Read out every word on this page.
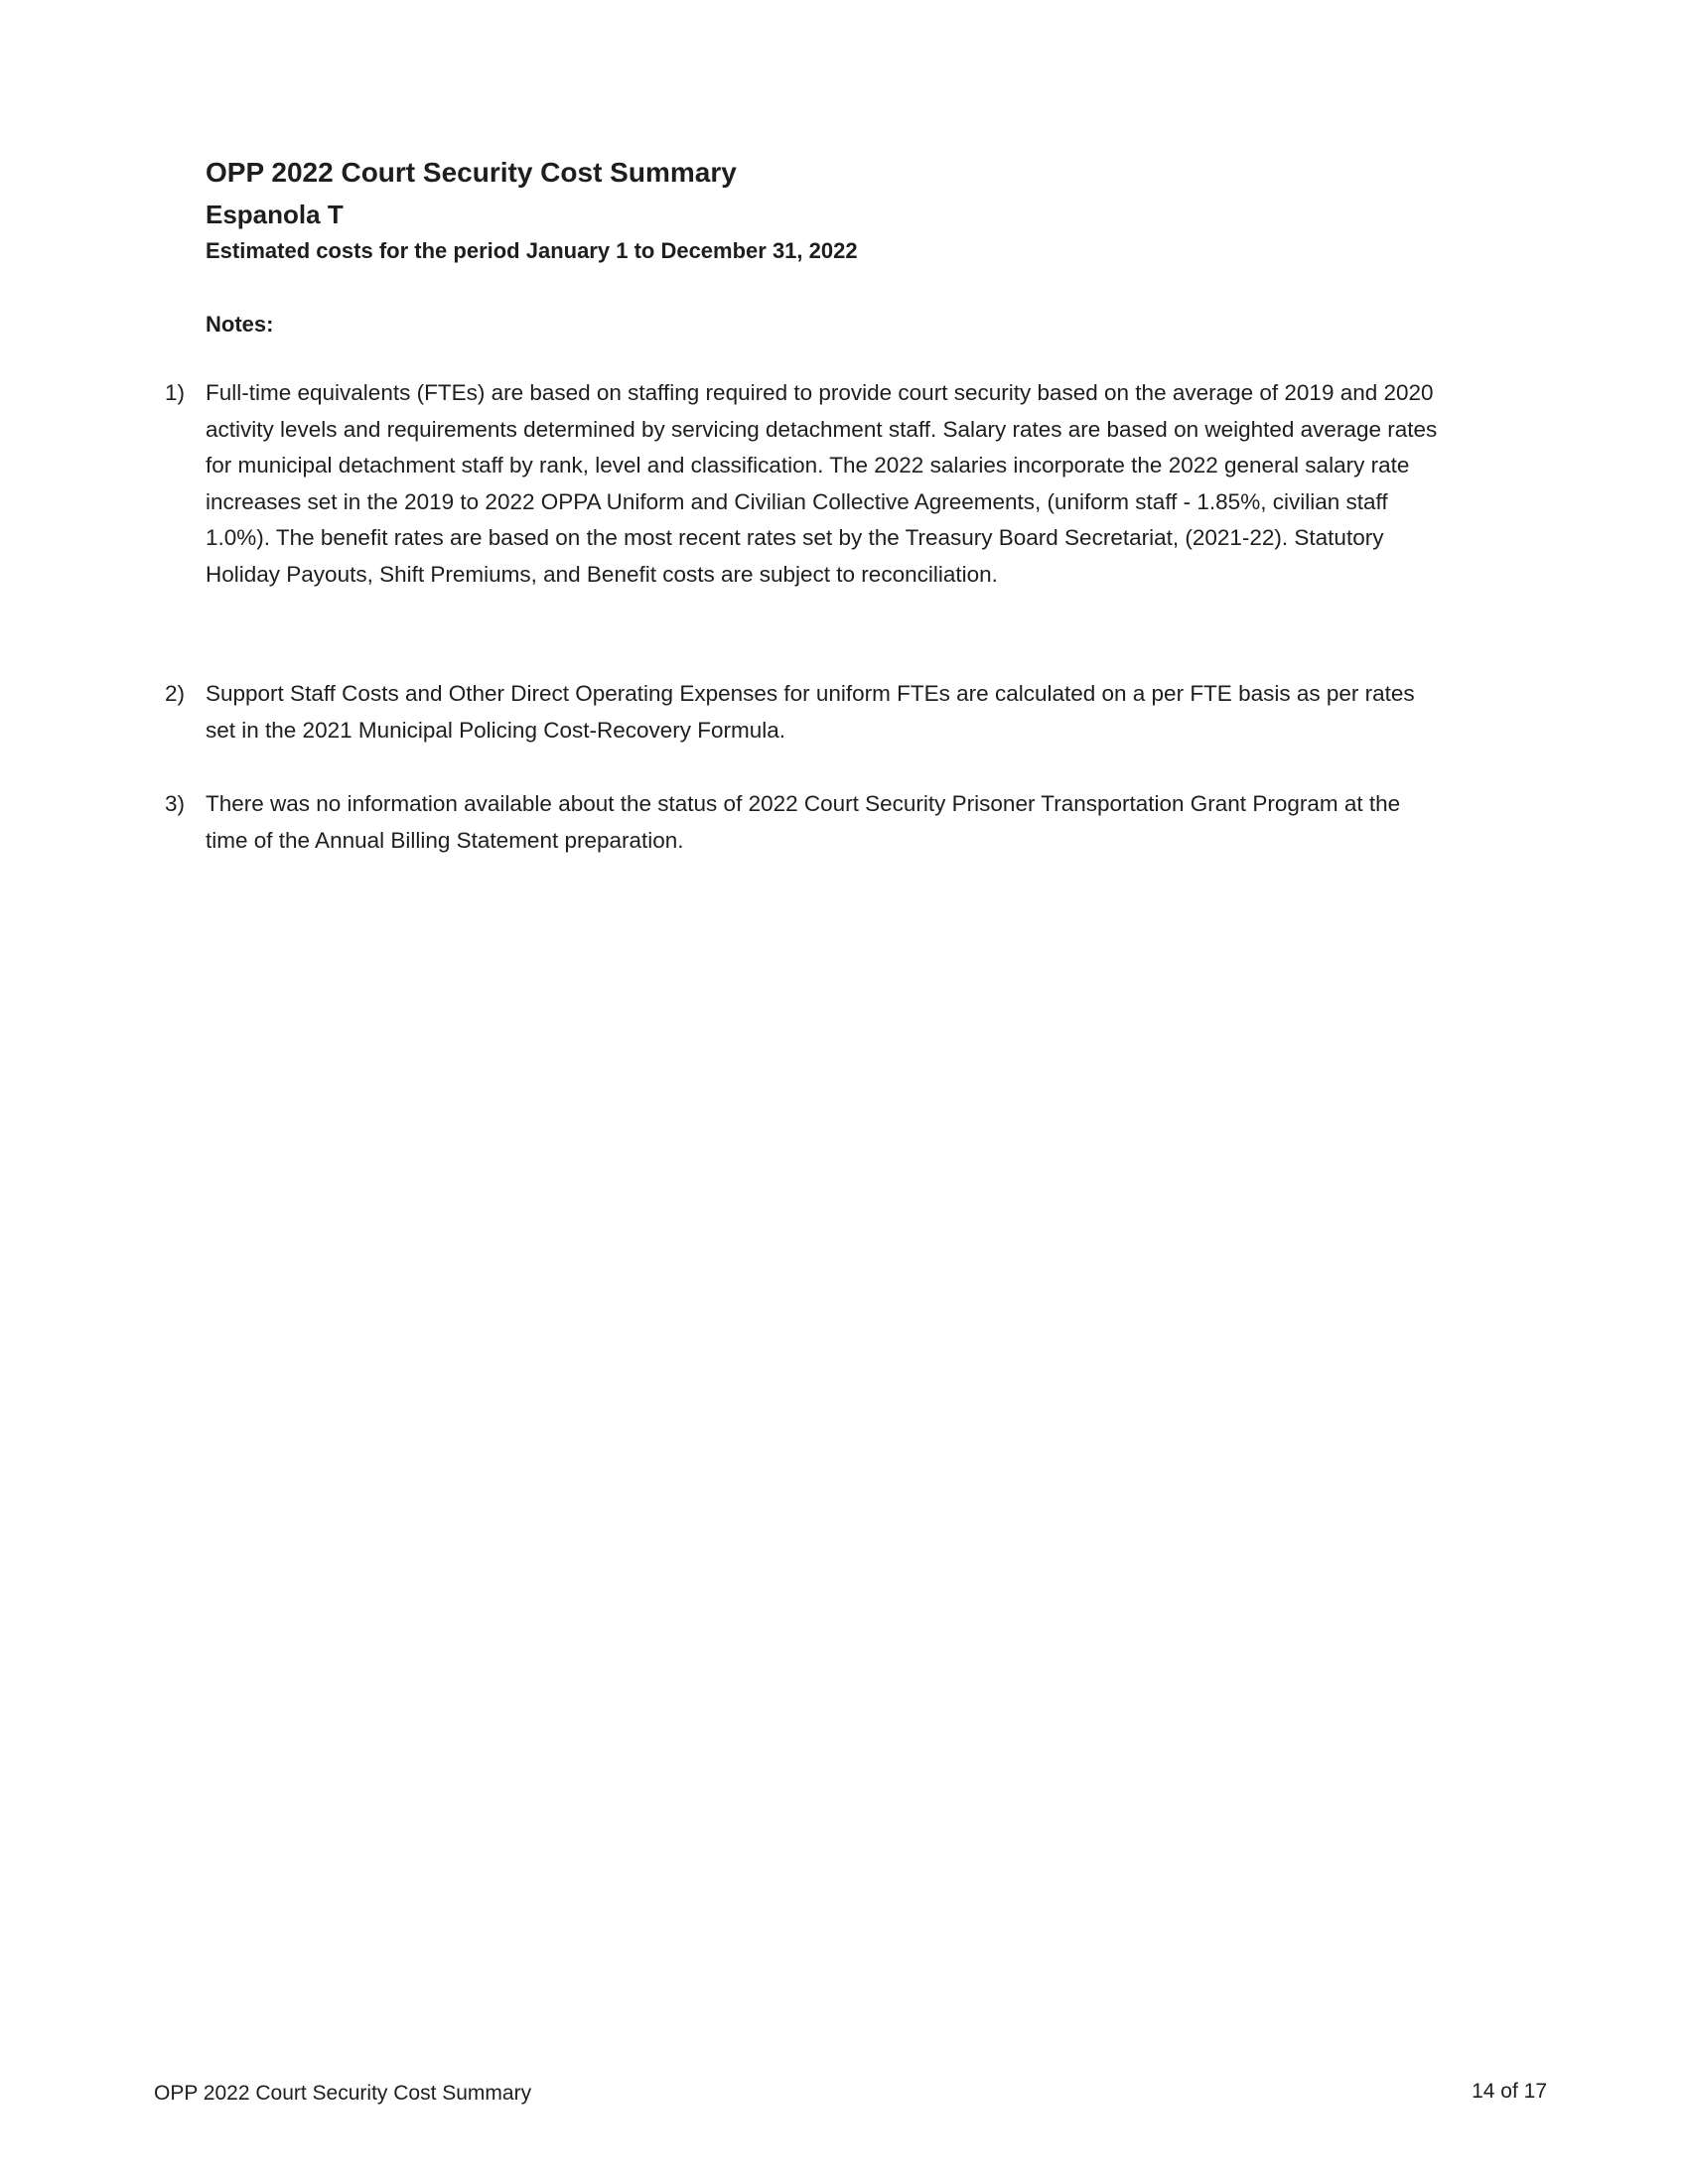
OPP 2022 Court Security Cost Summary
Espanola T

Estimated costs for the period January 1 to December 31, 2022

Notes:

1) Full-time equivalents (FTEs) are based on staffing required to provide court security based on the average of 2019 and 2020 activity levels and requirements determined by servicing detachment staff. Salary rates are based on weighted average rates for municipal detachment staff by rank, level and classification. The 2022 salaries incorporate the 2022 general salary rate increases set in the 2019 to 2022 OPPA Uniform and Civilian Collective Agreements, (uniform staff - 1.85%, civilian staff 1.0%). The benefit rates are based on the most recent rates set by the Treasury Board Secretariat, (2021-22). Statutory Holiday Payouts, Shift Premiums, and Benefit costs are subject to reconciliation.
2) Support Staff Costs and Other Direct Operating Expenses for uniform FTEs are calculated on a per FTE basis as per rates set in the 2021 Municipal Policing Cost-Recovery Formula.
3) There was no information available about the status of 2022 Court Security Prisoner Transportation Grant Program at the time of the Annual Billing Statement preparation.
OPP 2022 Court Security Cost Summary	14 of 17
